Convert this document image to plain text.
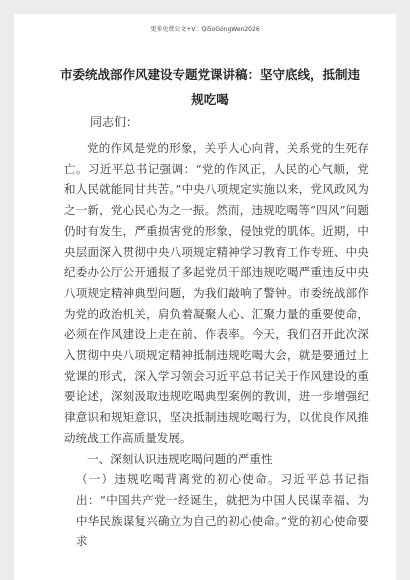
更多免费公文+V：Qi5oGongWen2026
市委统战部作风建设专题党课讲稿：坚守底线，抵制违规吃喝
同志们：

党的作风是党的形象，关乎人心向背，关系党的生死存亡。习近平总书记强调：“党的作风正，人民的心气顺，党和人民就能同甘共苦。”中央八项规定实施以来，党风政风为之一新，党心民心为之一振。然而，违规吃喝等“四风”问题仍时有发生，严重损害党的形象，侵蚀党的肌体。近期，中央层面深入贯彻中央八项规定精神学习教育工作专班、中央纪委办公厅公开通报了多起党员干部违规吃喝严重违反中央八项规定精神典型问题，为我们敲响了警钟。市委统战部作为党的政治机关，肩负着凝聚人心、汇聚力量的重要使命，必须在作风建设上走在前、作表率。今天，我们召开此次深入贯彻中央八项规定精神抵制违规吃喝大会，就是要通过上党课的形式，深入学习领会习近平总书记关于作风建设的重要论述，深刻汲取违规吃喝典型案例的教训，进一步增强纪律意识和规矩意识，坚决抵制违规吃喝行为，以优良作风推动统战工作高质量发展。

一、深刻认识违规吃喝问题的严重性

（一）违规吃喝背离党的初心使命。习近平总书记指出：“中国共产党一经诞生，就把为中国人民谋幸福、为中华民族谋复兴确立为自己的初心使命。”党的初心使命要求
